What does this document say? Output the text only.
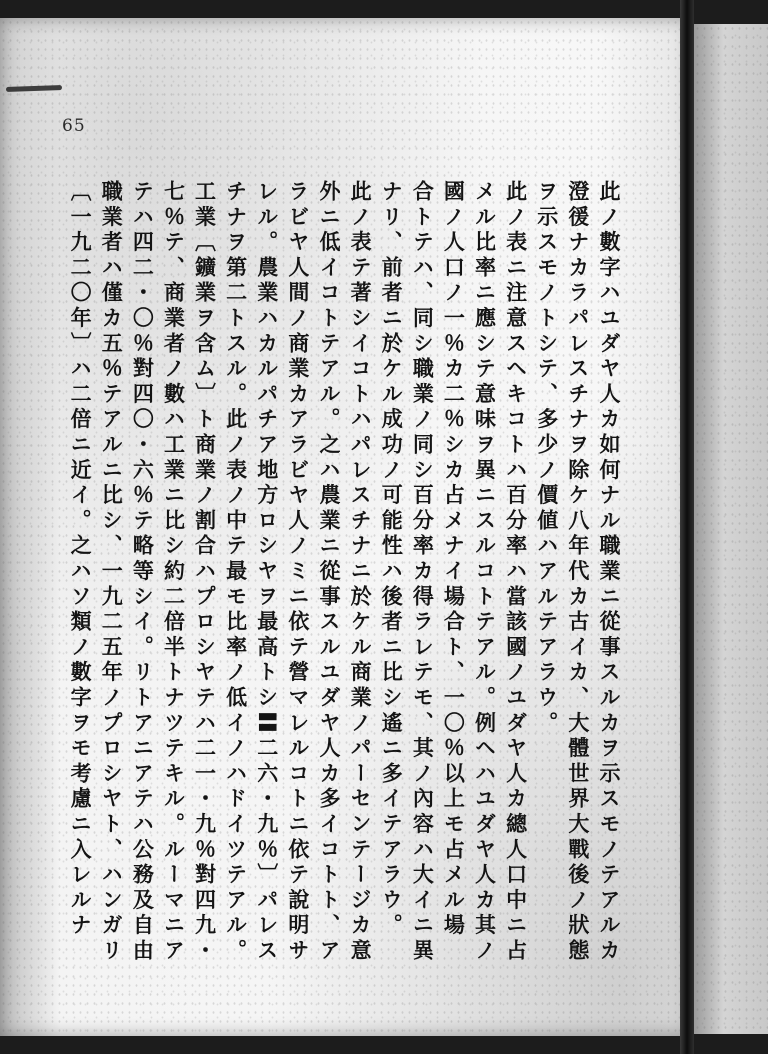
65
此ノ數字ハユダヤ人カ如何ナル職業ニ從事スルカヲ示スモノテアルカ
澄㣪ナカラパレスチナヲ除ケ八年代カ古イカ、大體世界大戰後ノ狀態
ヲ示スモノトシテ、多少ノ價値ハアルテアラウ。
此ノ表ニ注意スヘキコトハ百分率ハ當該國ノユダヤ人カ總人口中ニ占
メル比率ニ應シテ意味ヲ異ニスルコトテアル。例ヘハユダヤ人カ其ノ
國ノ人口ノ一％カ二％シカ占メナイ場合ト、一〇％以上モ占メル場
合トテハ、同シ職業ノ同シ百分率カ得ラレテモ、其ノ內容ハ大イニ異
ナリ、前者ニ於ケル成功ノ可能性ハ後者ニ比シ遙ニ多イテアラウ。
此ノ表テ著シイコトハパレスチナニ於ケル商業ノパーセンテージカ意
外ニ低イコトテアル。之ハ農業ニ從事スルユダヤ人カ多イコトト、ア
ラビヤ人間ノ商業カアラビヤ人ノミニ依テ營マレルコトニ依テ說明サ
レル。農業ハカルパチア地方ロシヤヲ最高トシ〓二六・九％〕パレス
チナヲ第二トスル。此ノ表ノ中テ最モ比率ノ低イノハドイツテアル。
工業〔鑛業ヲ含ム〕ト商業ノ割合ハプロシヤテハ二一・九％對四九・
七％テ、商業者ノ數ハ工業ニ比シ約二倍半トナツテキル。ルーマニア
テハ四二・〇％對四〇・六％テ略等シイ。リトアニアテハ公務及自由
職業者ハ僅カ五％テアルニ比シ、一九二五年ノプロシヤト、ハンガリ
〔一九二〇年〕ハ二倍ニ近イ。之ハソ類ノ數字ヲモ考慮ニ入レルナ
